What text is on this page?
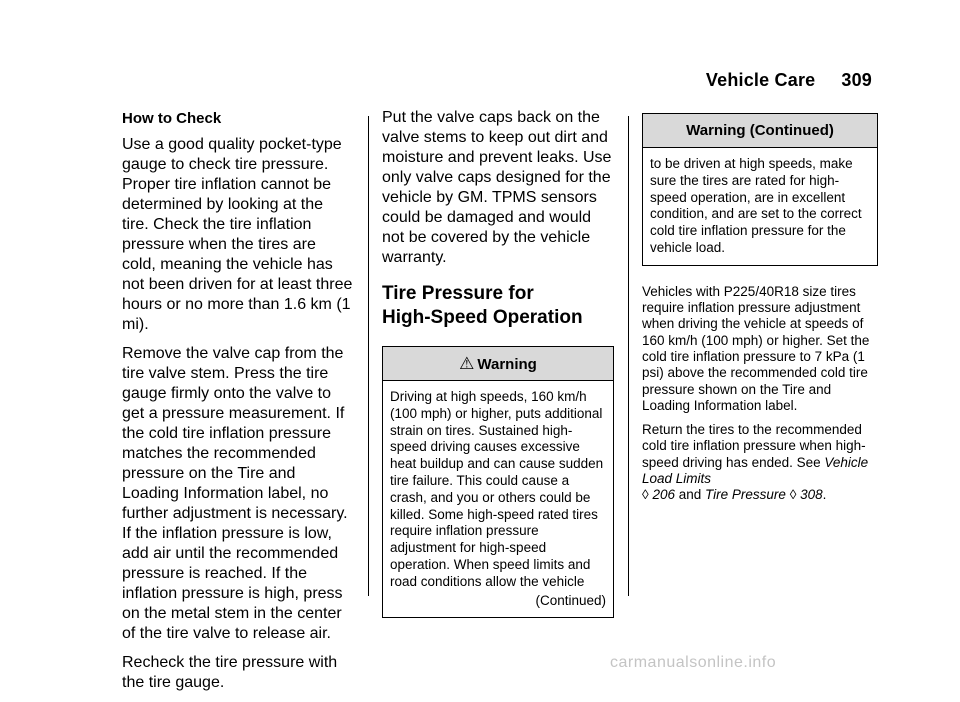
Vehicle Care 309
How to Check

Use a good quality pocket-type gauge to check tire pressure. Proper tire inflation cannot be determined by looking at the tire. Check the tire inflation pressure when the tires are cold, meaning the vehicle has not been driven for at least three hours or no more than 1.6 km (1 mi).

Remove the valve cap from the tire valve stem. Press the tire gauge firmly onto the valve to get a pressure measurement. If the cold tire inflation pressure matches the recommended pressure on the Tire and Loading Information label, no further adjustment is necessary. If the inflation pressure is low, add air until the recommended pressure is reached. If the inflation pressure is high, press on the metal stem in the center of the tire valve to release air.

Recheck the tire pressure with the tire gauge.

Put the valve caps back on the valve stems to keep out dirt and moisture and prevent leaks. Use only valve caps designed for the vehicle by GM. TPMS sensors could be damaged and would not be covered by the vehicle warranty.

Tire Pressure for
High-Speed Operation
⚠ Warning

Driving at high speeds, 160 km/h (100 mph) or higher, puts additional strain on tires. Sustained high-speed driving causes excessive heat buildup and can cause sudden tire failure. This could cause a crash, and you or others could be killed. Some high-speed rated tires require inflation pressure adjustment for high-speed operation. When speed limits and road conditions allow the vehicle

(Continued)
Warning (Continued)

to be driven at high speeds, make sure the tires are rated for high-speed operation, are in excellent condition, and are set to the correct cold tire inflation pressure for the vehicle load.

Vehicles with P225/40R18 size tires require inflation pressure adjustment when driving the vehicle at speeds of 160 km/h (100 mph) or higher. Set the cold tire inflation pressure to 7 kPa (1 psi) above the recommended cold tire pressure shown on the Tire and Loading Information label.

Return the tires to the recommended cold tire inflation pressure when high-speed driving has ended. See Vehicle Load Limits
◊ 206 and Tire Pressure ◊ 308.

carmanualsonline.info
